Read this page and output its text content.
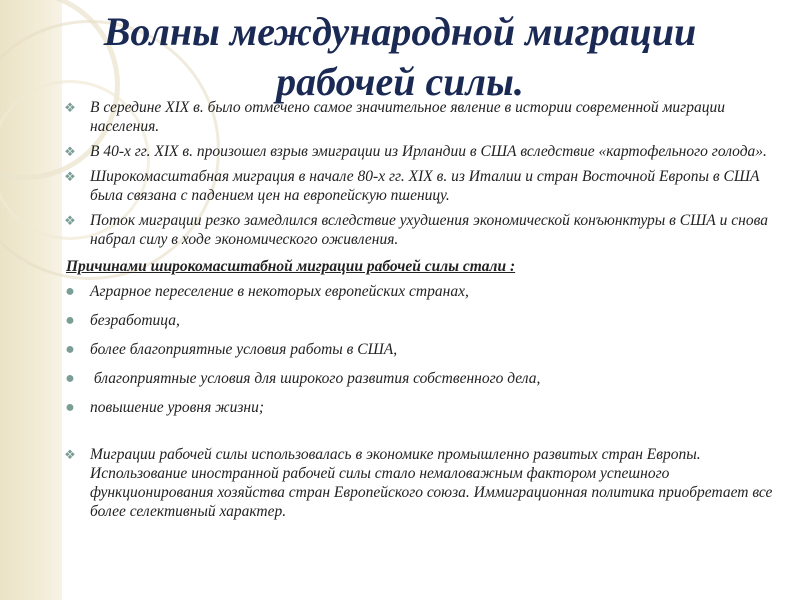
Волны международной миграции
рабочей силы.

❖ В середине XIX в. было отмечено самое значительное явление в истории современной миграции населения.

❖ В 40-х гг. XIX в. произошел взрыв эмиграции из Ирландии в США вследствие «картофельного голода».

❖ Широкомасштабная миграция в начале 80-х гг. XIX в. из Италии и стран Восточной Европы в США была связана с падением цен на европейскую пшеницу.

❖ Поток миграции резко замедлился вследствие ухудшения экономической конъюнктуры в США и снова набрал силу в ходе экономического оживления.

Причинами широкомасштабной миграции рабочей силы стали :

● Аграрное переселение в некоторых европейских странах,

● безработица,

● более благоприятные условия работы в США,

● благоприятные условия для широкого развития собственного дела,

● повышение уровня жизни;

❖ Миграции рабочей силы использовалась в экономике промышленно развитых стран Европы. Использование иностранной рабочей силы стало немаловажным фактором успешного функционирования хозяйства стран Европейского союза. Иммиграционная политика приобретает все более селективный характер.
